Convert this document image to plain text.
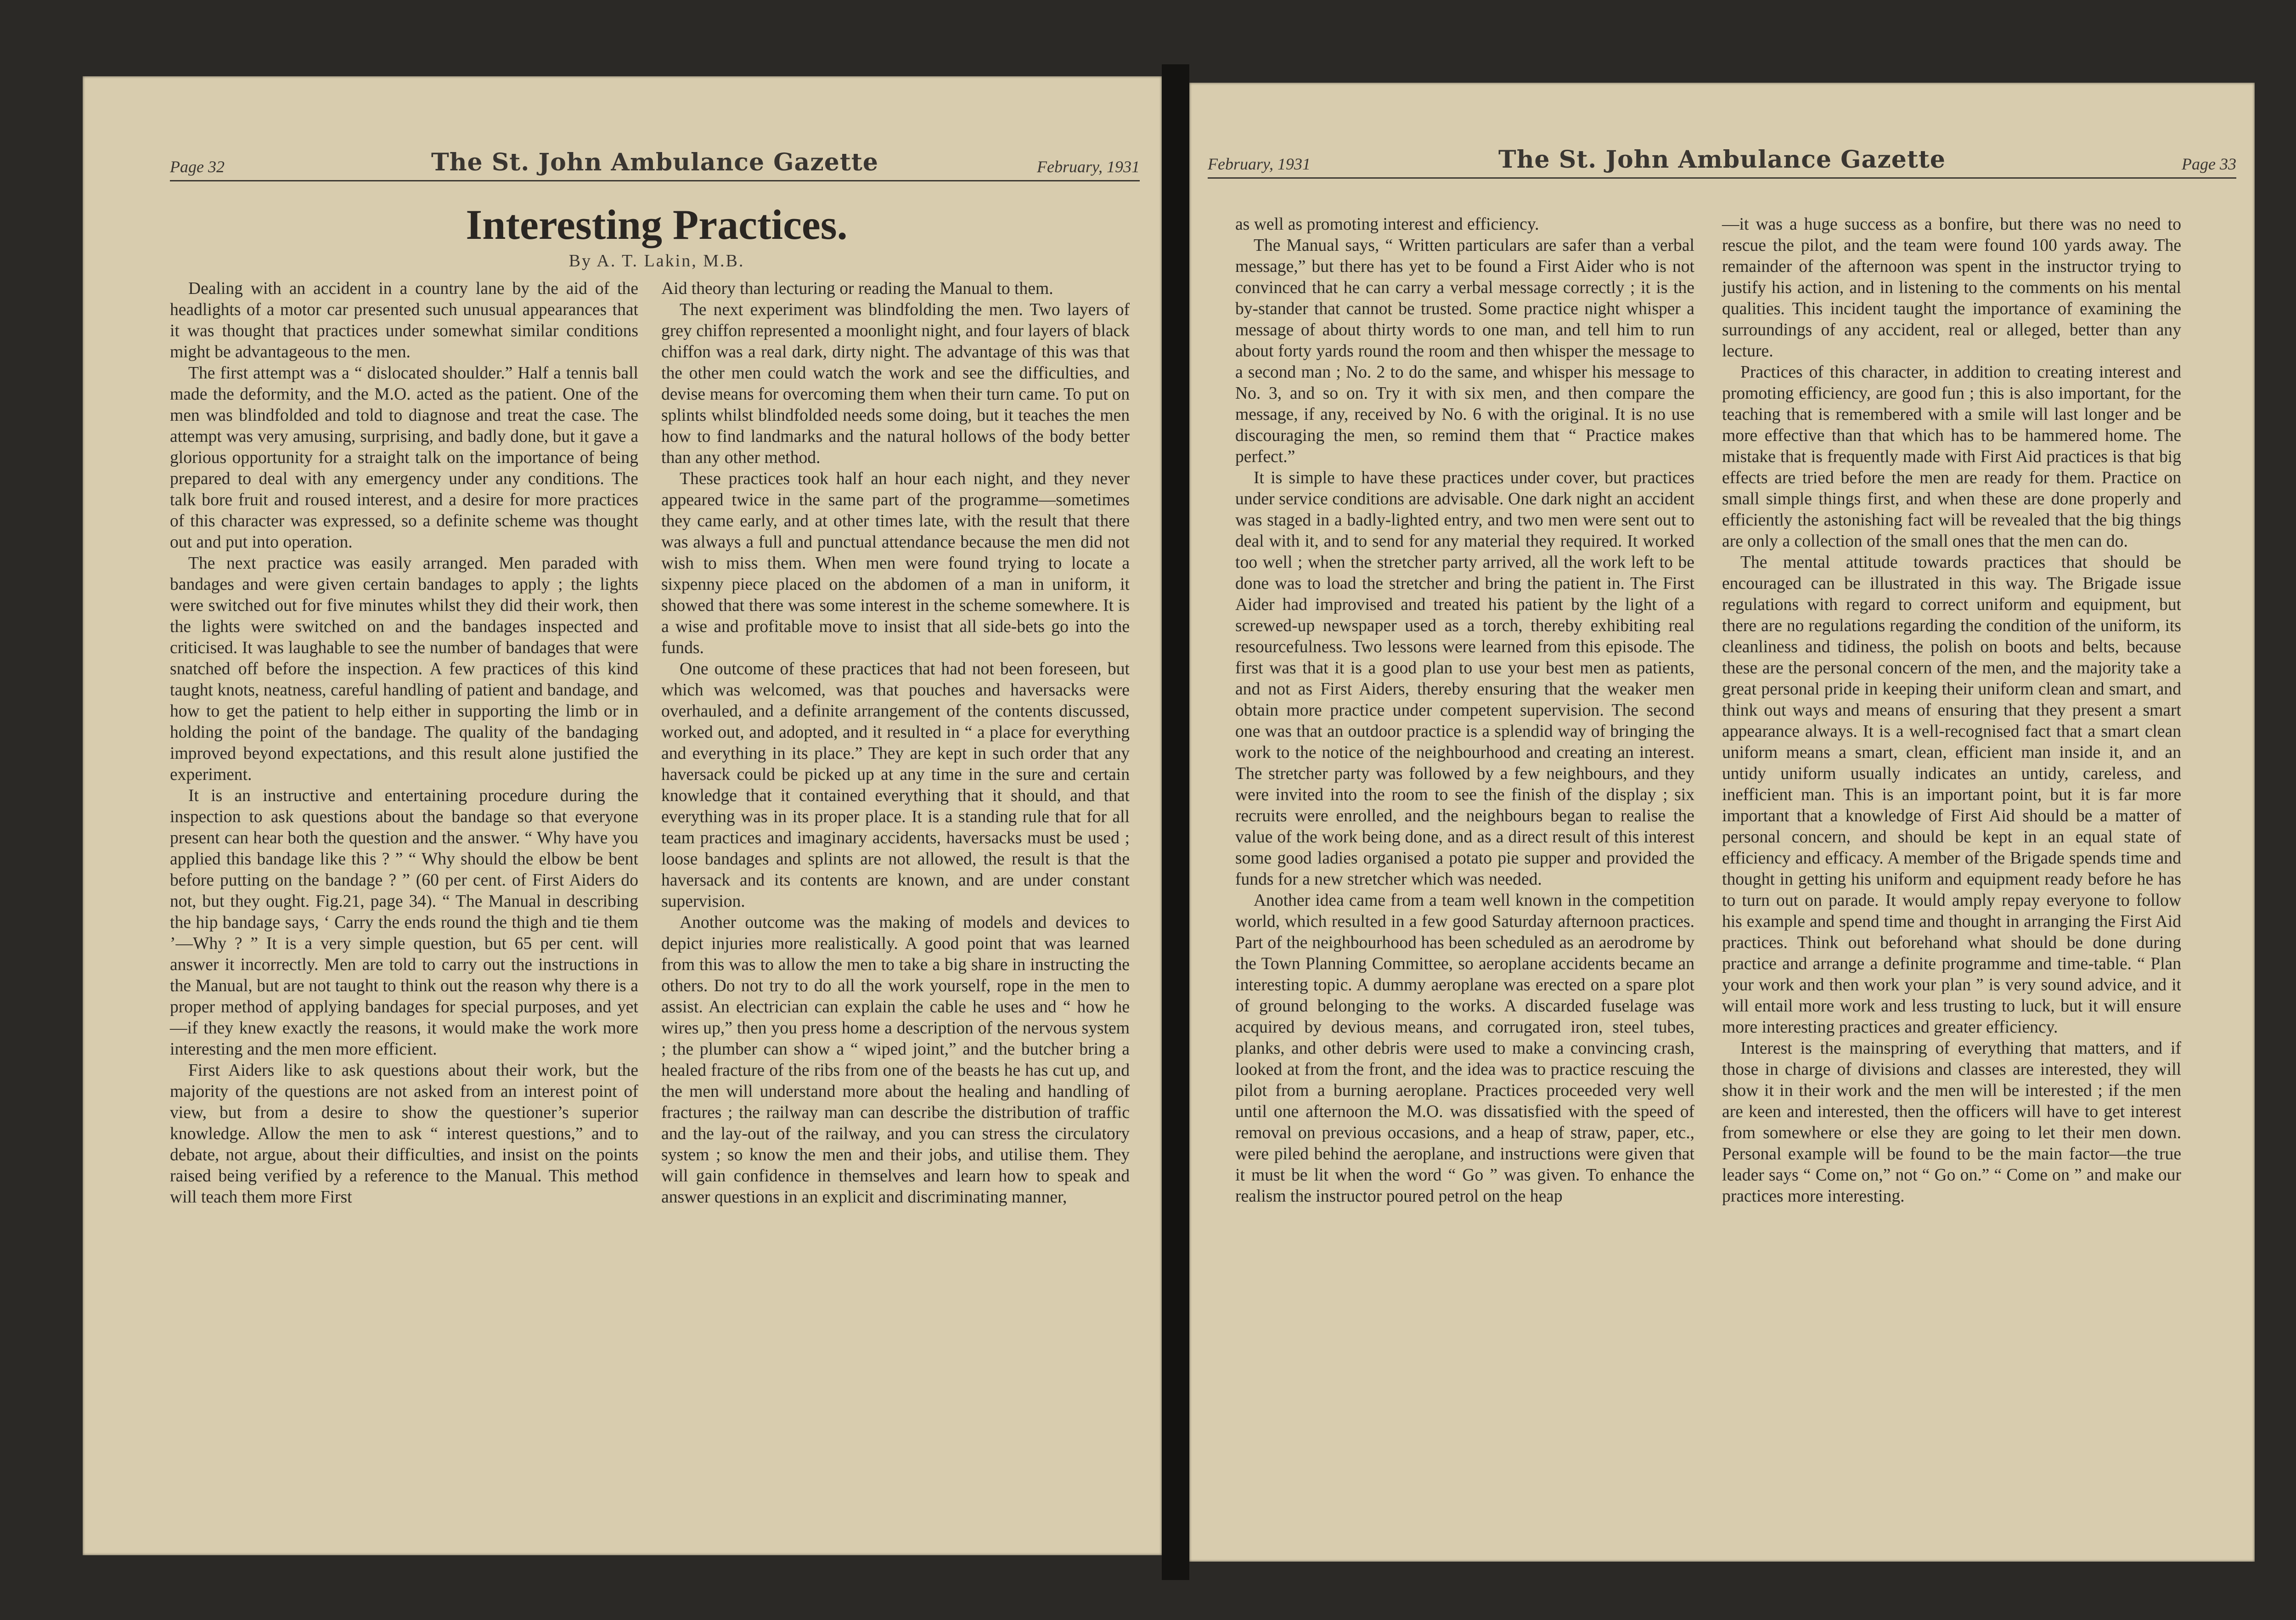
Page 32	The St. John Ambulance Gazette	February, 1931
Interesting Practices.
By A. T. Lakin, M.B.

Dealing with an accident in a country lane by the aid of the headlights of a motor car presented such unusual appearances that it was thought that practices under somewhat similar conditions might be advantageous to the men.

The first attempt was a “ dislocated shoulder.” Half a tennis ball made the deformity, and the M.O. acted as the patient. One of the men was blindfolded and told to diagnose and treat the case. The attempt was very amusing, surprising, and badly done, but it gave a glorious opportunity for a straight talk on the importance of being prepared to deal with any emergency under any conditions. The talk bore fruit and roused interest, and a desire for more practices of this character was expressed, so a definite scheme was thought out and put into operation.

The next practice was easily arranged. Men paraded with bandages and were given certain bandages to apply ; the lights were switched out for five minutes whilst they did their work, then the lights were switched on and the bandages inspected and criticised. It was laughable to see the number of bandages that were snatched off before the inspection. A few practices of this kind taught knots, neatness, careful handling of patient and bandage, and how to get the patient to help either in supporting the limb or in holding the point of the bandage. The quality of the bandaging improved beyond expectations, and this result alone justified the experiment.

It is an instructive and entertaining procedure during the inspection to ask questions about the bandage so that everyone present can hear both the question and the answer. “ Why have you applied this bandage like this ? ” “ Why should the elbow be bent before putting on the bandage ? ” (60 per cent. of First Aiders do not, but they ought. Fig.21, page 34). “ The Manual in describing the hip bandage says, ‘ Carry the ends round the thigh and tie them ’—Why ? ” It is a very simple question, but 65 per cent. will answer it incorrectly. Men are told to carry out the instructions in the Manual, but are not taught to think out the reason why there is a proper method of applying bandages for special purposes, and yet—if they knew exactly the reasons, it would make the work more interesting and the men more efficient.

First Aiders like to ask questions about their work, but the majority of the questions are not asked from an interest point of view, but from a desire to show the questioner’s superior knowledge. Allow the men to ask “ interest questions,” and to debate, not argue, about their difficulties, and insist on the points raised being verified by a reference to the Manual. This method will teach them more First

Aid theory than lecturing or reading the Manual to them.

The next experiment was blindfolding the men. Two layers of grey chiffon represented a moonlight night, and four layers of black chiffon was a real dark, dirty night. The advantage of this was that the other men could watch the work and see the difficulties, and devise means for overcoming them when their turn came. To put on splints whilst blindfolded needs some doing, but it teaches the men how to find landmarks and the natural hollows of the body better than any other method.

These practices took half an hour each night, and they never appeared twice in the same part of the programme—sometimes they came early, and at other times late, with the result that there was always a full and punctual attendance because the men did not wish to miss them. When men were found trying to locate a sixpenny piece placed on the abdomen of a man in uniform, it showed that there was some interest in the scheme somewhere. It is a wise and profitable move to insist that all side-bets go into the funds.

One outcome of these practices that had not been foreseen, but which was welcomed, was that pouches and haversacks were overhauled, and a definite arrangement of the contents discussed, worked out, and adopted, and it resulted in “ a place for everything and everything in its place.” They are kept in such order that any haversack could be picked up at any time in the sure and certain knowledge that it contained everything that it should, and that everything was in its proper place. It is a standing rule that for all team practices and imaginary accidents, haversacks must be used ; loose bandages and splints are not allowed, the result is that the haversack and its contents are known, and are under constant supervision.

Another outcome was the making of models and devices to depict injuries more realistically. A good point that was learned from this was to allow the men to take a big share in instructing the others. Do not try to do all the work yourself, rope in the men to assist. An electrician can explain the cable he uses and “ how he wires up,” then you press home a description of the nervous system ; the plumber can show a “ wiped joint,” and the butcher bring a healed fracture of the ribs from one of the beasts he has cut up, and the men will understand more about the healing and handling of fractures ; the railway man can describe the distribution of traffic and the lay-out of the railway, and you can stress the circulatory system ; so know the men and their jobs, and utilise them. They will gain confidence in themselves and learn how to speak and answer questions in an explicit and discriminating manner,

February, 1931	The St. John Ambulance Gazette	Page 33

as well as promoting interest and efficiency.

The Manual says, “ Written particulars are safer than a verbal message,” but there has yet to be found a First Aider who is not convinced that he can carry a verbal message correctly ; it is the by-stander that cannot be trusted. Some practice night whisper a message of about thirty words to one man, and tell him to run about forty yards round the room and then whisper the message to a second man ; No. 2 to do the same, and whisper his message to No. 3, and so on. Try it with six men, and then compare the message, if any, received by No. 6 with the original. It is no use discouraging the men, so remind them that “ Practice makes perfect.”

It is simple to have these practices under cover, but practices under service conditions are advisable. One dark night an accident was staged in a badly-lighted entry, and two men were sent out to deal with it, and to send for any material they required. It worked too well ; when the stretcher party arrived, all the work left to be done was to load the stretcher and bring the patient in. The First Aider had improvised and treated his patient by the light of a screwed-up newspaper used as a torch, thereby exhibiting real resourcefulness. Two lessons were learned from this episode. The first was that it is a good plan to use your best men as patients, and not as First Aiders, thereby ensuring that the weaker men obtain more practice under competent supervision. The second one was that an outdoor practice is a splendid way of bringing the work to the notice of the neighbourhood and creating an interest. The stretcher party was followed by a few neighbours, and they were invited into the room to see the finish of the display ; six recruits were enrolled, and the neighbours began to realise the value of the work being done, and as a direct result of this interest some good ladies organised a potato pie supper and provided the funds for a new stretcher which was needed.

Another idea came from a team well known in the competition world, which resulted in a few good Saturday afternoon practices. Part of the neighbourhood has been scheduled as an aerodrome by the Town Planning Committee, so aeroplane accidents became an interesting topic. A dummy aeroplane was erected on a spare plot of ground belonging to the works. A discarded fuselage was acquired by devious means, and corrugated iron, steel tubes, planks, and other debris were used to make a convincing crash, looked at from the front, and the idea was to practice rescuing the pilot from a burning aeroplane. Practices proceeded very well until one afternoon the M.O. was dissatisfied with the speed of removal on previous occasions, and a heap of straw, paper, etc., were piled behind the aeroplane, and instructions were given that it must be lit when the word “ Go ” was given. To enhance the realism the instructor poured petrol on the heap

—it was a huge success as a bonfire, but there was no need to rescue the pilot, and the team were found 100 yards away. The remainder of the afternoon was spent in the instructor trying to justify his action, and in listening to the comments on his mental qualities. This incident taught the importance of examining the surroundings of any accident, real or alleged, better than any lecture.

Practices of this character, in addition to creating interest and promoting efficiency, are good fun ; this is also important, for the teaching that is remembered with a smile will last longer and be more effective than that which has to be hammered home. The mistake that is frequently made with First Aid practices is that big effects are tried before the men are ready for them. Practice on small simple things first, and when these are done properly and efficiently the astonishing fact will be revealed that the big things are only a collection of the small ones that the men can do.

The mental attitude towards practices that should be encouraged can be illustrated in this way. The Brigade issue regulations with regard to correct uniform and equipment, but there are no regulations regarding the condition of the uniform, its cleanliness and tidiness, the polish on boots and belts, because these are the personal concern of the men, and the majority take a great personal pride in keeping their uniform clean and smart, and think out ways and means of ensuring that they present a smart appearance always. It is a well-recognised fact that a smart clean uniform means a smart, clean, efficient man inside it, and an untidy uniform usually indicates an untidy, careless, and inefficient man. This is an important point, but it is far more important that a knowledge of First Aid should be a matter of personal concern, and should be kept in an equal state of efficiency and efficacy. A member of the Brigade spends time and thought in getting his uniform and equipment ready before he has to turn out on parade. It would amply repay everyone to follow his example and spend time and thought in arranging the First Aid practices. Think out beforehand what should be done during practice and arrange a definite programme and time-table. “ Plan your work and then work your plan ” is very sound advice, and it will entail more work and less trusting to luck, but it will ensure more interesting practices and greater efficiency.

Interest is the mainspring of everything that matters, and if those in charge of divisions and classes are interested, they will show it in their work and the men will be interested ; if the men are keen and interested, then the officers will have to get interest from somewhere or else they are going to let their men down. Personal example will be found to be the main factor—the true leader says “ Come on,” not “ Go on.” “ Come on ” and make our practices more interesting.
